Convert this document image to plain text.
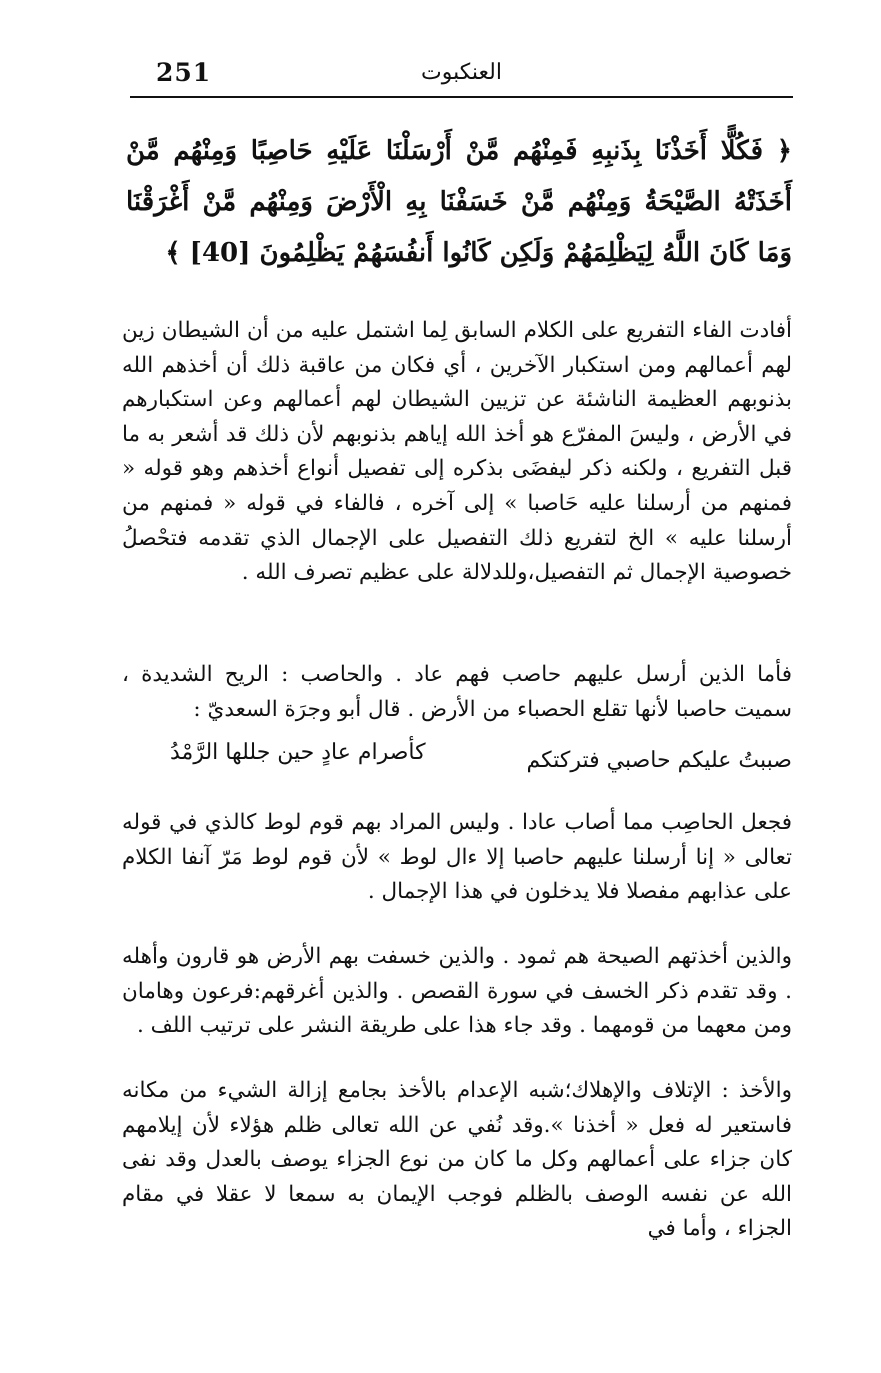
251	العنكبوت
﴿ فَكُلًّا أَخَذْنَا بِذَنبِهِ فَمِنْهُم مَّنْ أَرْسَلْنَا عَلَيْهِ حَاصِبًا وَمِنْهُم مَّنْ أَخَذَتْهُ الصَّيْحَةُ وَمِنْهُم مَّنْ خَسَفْنَا بِهِ الْأَرْضَ وَمِنْهُم مَّنْ أَغْرَقْنَا وَمَا كَانَ اللَّهُ لِيَظْلِمَهُمْ وَلَكِن كَانُوا أَنفُسَهُمْ يَظْلِمُونَ [40] ﴾
أفادت الفاء التفريع على الكلام السابق لِما اشتمل عليه من أن الشيطان زين لهم أعمالهم ومن استكبار الآخرين ، أي فكان من عاقبة ذلك أن أخذهم الله بذنوبهم العظيمة الناشئة عن تزيين الشيطان لهم أعمالهم وعن استكبارهم في الأرض ، وليسَ المفرّع هو أخذ الله إياهم بذنوبهم لأن ذلك قد أشعر به ما قبل التفريع ، ولكنه ذكر ليفضَى بذكره إلى تفصيل أنواع أخذهم وهو قوله « فمنهم من أرسلنا عليه حَاصبا » إلى آخره ، فالفاء في قوله « فمنهم من أرسلنا عليه » الخ لتفريع ذلك التفصيل على الإجمال الذي تقدمه فتحْصلُ خصوصية الإجمال ثم التفصيل،وللدلالة على عظيم تصرف الله .
فأما الذين أرسل عليهم حاصب فهم عاد . والحاصب : الريح الشديدة ، سميت حاصبا لأنها تقلع الحصباء من الأرض . قال أبو وجرَة السعديّ :
صببتُ عليكم حاصبي فتركتكم
كأصرام عادٍ حين جللها الرَّمْدُ
فجعل الحاصِب مما أصاب عادا . وليس المراد بهم قوم لوط كالذي في قوله تعالى « إنا أرسلنا عليهم حاصبا إلا ءال لوط » لأن قوم لوط مَرّ آنفا الكلام على عذابهم مفصلا فلا يدخلون في هذا الإجمال .
والذين أخذتهم الصيحة هم ثمود . والذين خسفت بهم الأرض هو قارون وأهله . وقد تقدم ذكر الخسف في سورة القصص . والذين أغرقهم:فرعون وهامان ومن معهما من قومهما . وقد جاء هذا على طريقة النشر على ترتيب اللف .
والأخذ : الإتلاف والإهلاك؛شبه الإعدام بالأخذ بجامع إزالة الشيء من مكانه فاستعير له فعل « أخذنا ».وقد نُفي عن الله تعالى ظلم هؤلاء لأن إيلامهم كان جزاء على أعمالهم وكل ما كان من نوع الجزاء يوصف بالعدل وقد نفى الله عن نفسه الوصف بالظلم فوجب الإيمان به سمعا لا عقلا في مقام الجزاء ، وأما في
